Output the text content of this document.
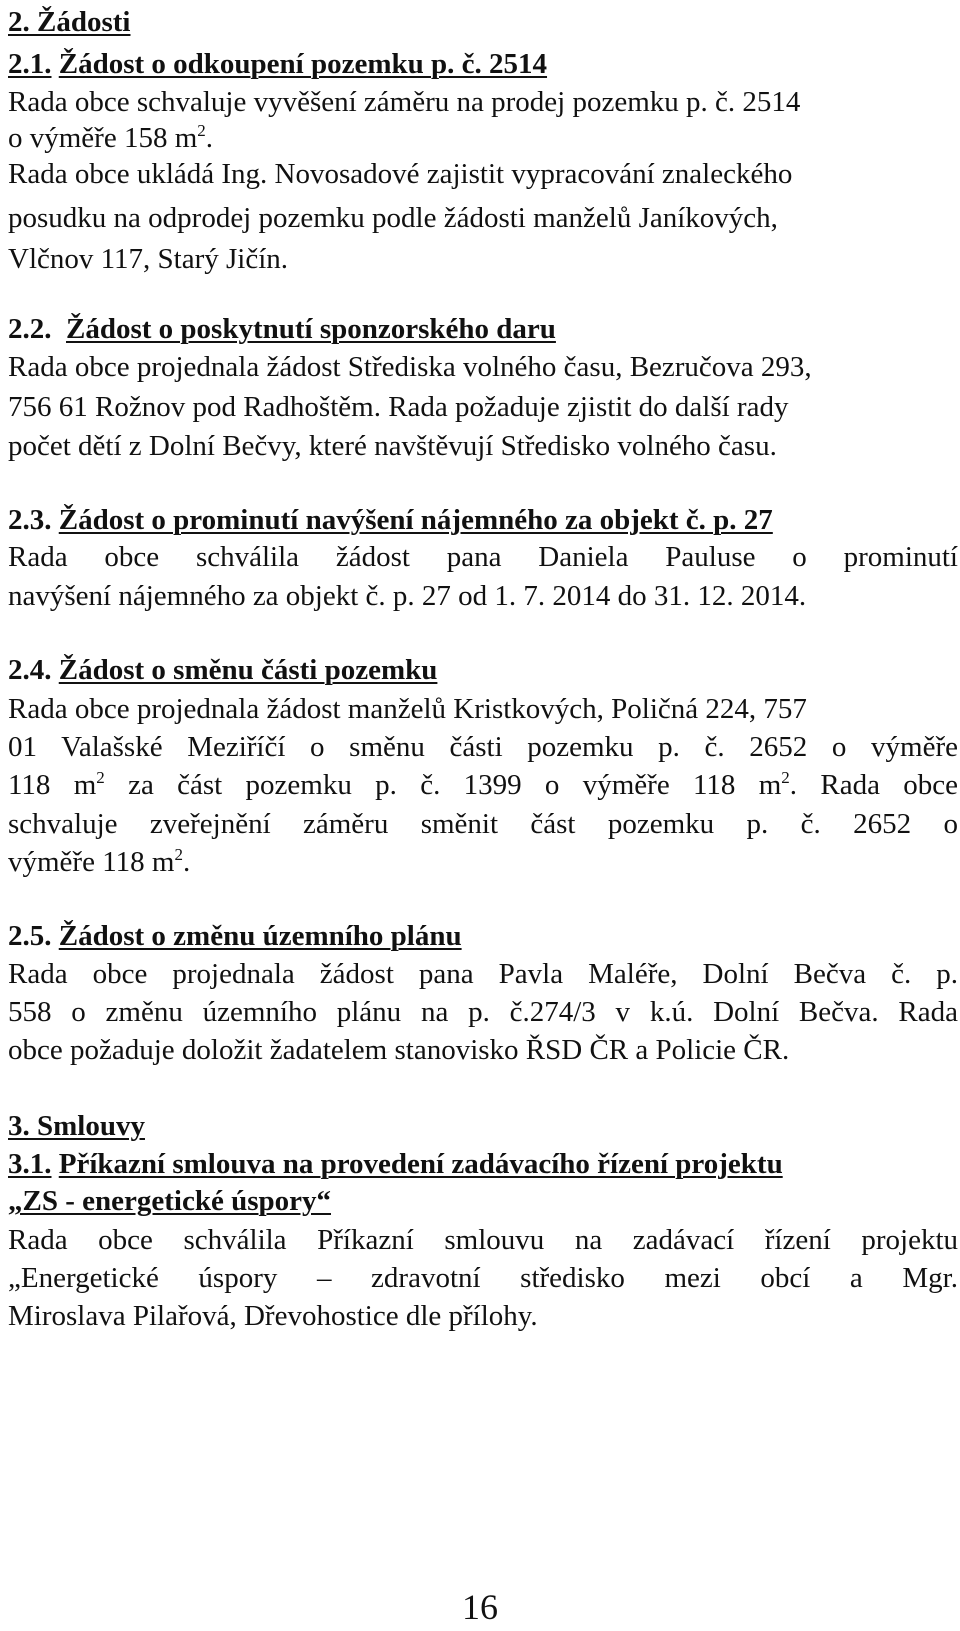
2. Žádosti
2.1. Žádost o odkoupení pozemku p. č. 2514
Rada obce schvaluje vyvěšení záměru na prodej pozemku p. č. 2514
o výměře 158 $m^2$.
Rada obce ukládá Ing. Novosadové zajistit vypracování znaleckého
posudku na odprodej pozemku podle žádosti manželů Janíkových,
Vlčnov 117, Starý Jičín.
2.2. Žádost o poskytnutí sponzorského daru
Rada obce projednala žádost Střediska volného času, Bezručova 293,
756 61 Rožnov pod Radhoštěm. Rada požaduje zjistit do další rady
počet dětí z Dolní Bečvy, které navštěvují Středisko volného času.
2.3. Žádost o prominutí navýšení nájemného za objekt č. p. 27
Rada obce schválila žádost pana Daniela Pauluse o prominutí
navýšení nájemného za objekt č. p. 27 od 1. 7. 2014 do 31. 12. 2014.
2.4. Žádost o směnu části pozemku
Rada obce projednala žádost manželů Kristkových, Poličná 224, 757
01 Valašské Meziříčí o směnu části pozemku p. č. 2652 o výměře
118 $m^2$ za část pozemku p. č. 1399 o výměře 118 $m^2$. Rada obce
schvaluje zveřejnění záměru směnit část pozemku p. č. 2652 o
výměře 118 $m^2$.
2.5. Žádost o změnu územního plánu
Rada obce projednala žádost pana Pavla Maléře, Dolní Bečva č. p.
558 o změnu územního plánu na p. č.274/3 v k.ú. Dolní Bečva. Rada
obce požaduje doložit žadatelem stanovisko ŘSD ČR a Policie ČR.
3. Smlouvy
3.1. Příkazní smlouva na provedení zadávacího řízení projektu
„ZS - energetické úspory“
Rada obce schválila Příkazní smlouvu na zadávací řízení projektu
„Energetické úspory – zdravotní středisko mezi obcí a Mgr.
Miroslava Pilařová, Dřevohostice dle přílohy.
16
